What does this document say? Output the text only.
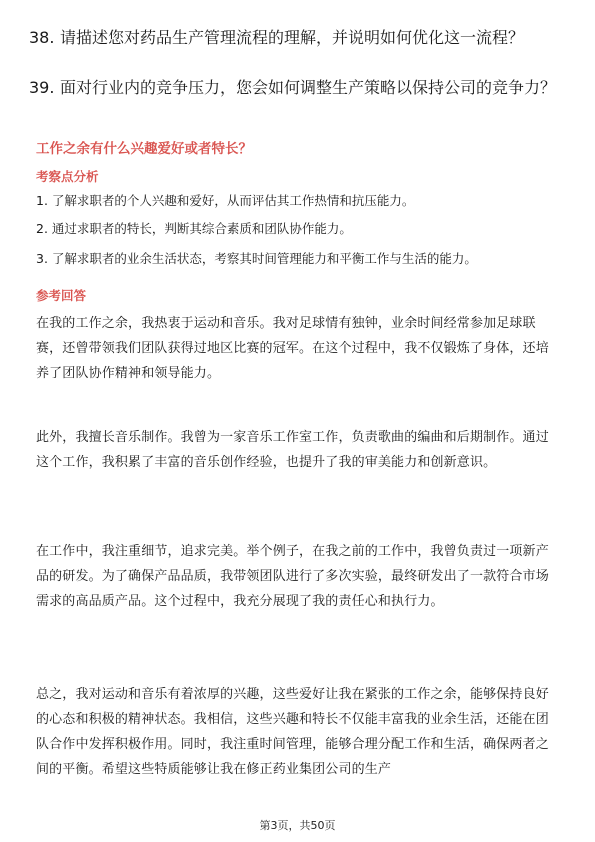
38. 请描述您对药品生产管理流程的理解，并说明如何优化这一流程？
39. 面对行业内的竞争压力，您会如何调整生产策略以保持公司的竞争力？
工作之余有什么兴趣爱好或者特长？
考察点分析
1. 了解求职者的个人兴趣和爱好，从而评估其工作热情和抗压能力。
2. 通过求职者的特长，判断其综合素质和团队协作能力。
3. 了解求职者的业余生活状态，考察其时间管理能力和平衡工作与生活的能力。
参考回答
在我的工作之余，我热衷于运动和音乐。我对足球情有独钟，业余时间经常参加足球联赛，还曾带领我们团队获得过地区比赛的冠军。在这个过程中，我不仅锻炼了身体，还培养了团队协作精神和领导能力。
此外，我擅长音乐制作。我曾为一家音乐工作室工作，负责歌曲的编曲和后期制作。通过这个工作，我积累了丰富的音乐创作经验，也提升了我的审美能力和创新意识。
在工作中，我注重细节，追求完美。举个例子，在我之前的工作中，我曾负责过一项新产品的研发。为了确保产品品质，我带领团队进行了多次实验，最终研发出了一款符合市场需求的高品质产品。这个过程中，我充分展现了我的责任心和执行力。
总之，我对运动和音乐有着浓厚的兴趣，这些爱好让我在紧张的工作之余，能够保持良好的心态和积极的精神状态。我相信，这些兴趣和特长不仅能丰富我的业余生活，还能在团队合作中发挥积极作用。同时，我注重时间管理，能够合理分配工作和生活，确保两者之间的平衡。希望这些特质能够让我在修正药业集团公司的生产
第3页，共50页
